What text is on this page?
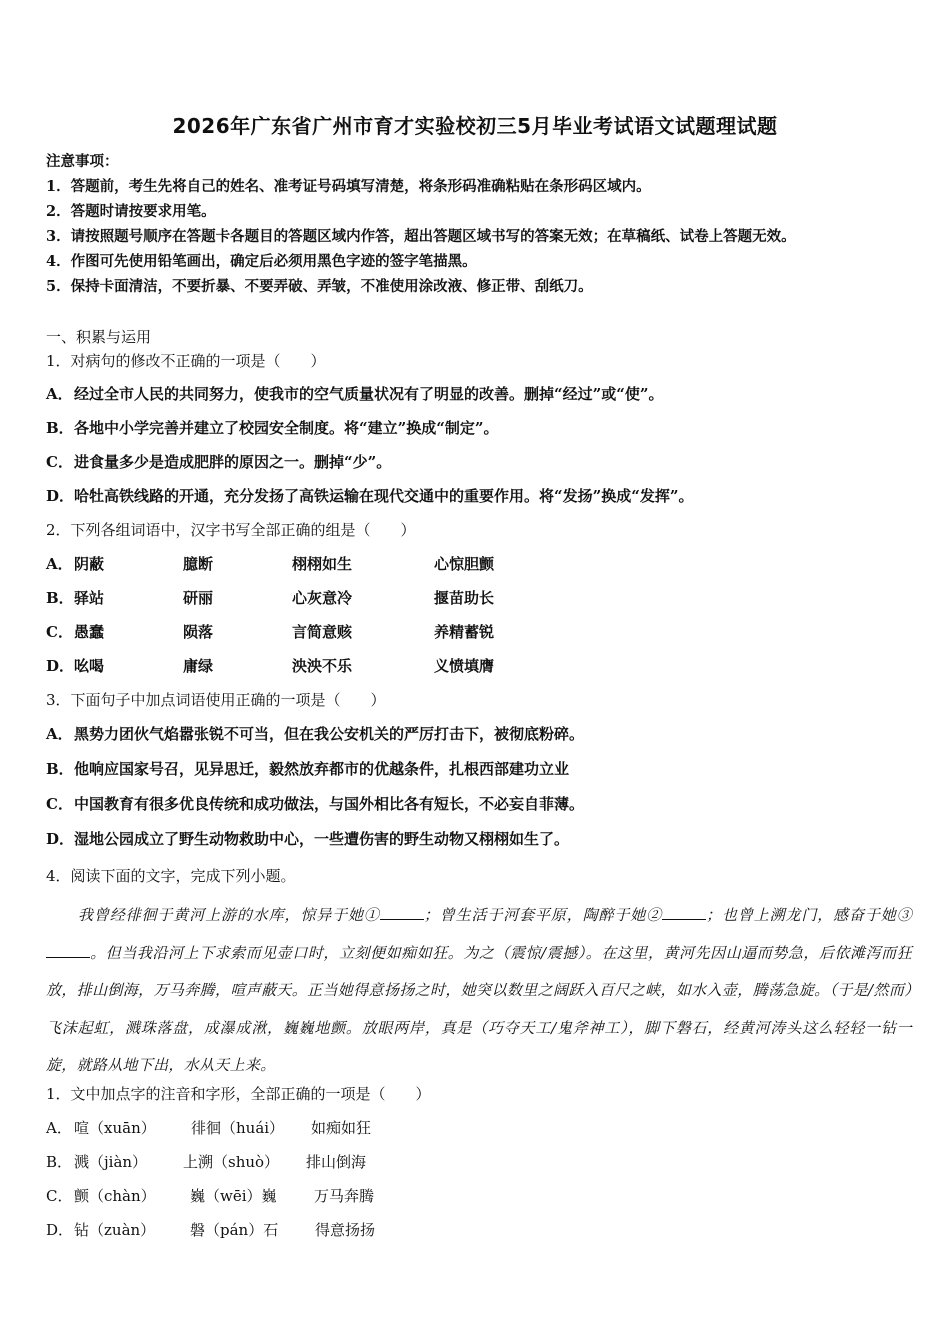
2026年广东省广州市育才实验校初三5月毕业考试语文试题理试题
注意事项：
1．答题前，考生先将自己的姓名、准考证号码填写清楚，将条形码准确粘贴在条形码区域内。
2．答题时请按要求用笔。
3．请按照题号顺序在答题卡各题目的答题区域内作答，超出答题区域书写的答案无效；在草稿纸、试卷上答题无效。
4．作图可先使用铅笔画出，确定后必须用黑色字迹的签字笔描黑。
5．保持卡面清洁，不要折暴、不要弄破、弄皱，不准使用涂改液、修正带、刮纸刀。
一、积累与运用
1．对病句的修改不正确的一项是（　　）
A．经过全市人民的共同努力，使我市的空气质量状况有了明显的改善。删掉“经过”或“使”。
B．各地中小学完善并建立了校园安全制度。将“建立”换成“制定”。
C．进食量多少是造成肥胖的原因之一。删掉“少”。
D．哈牡高铁线路的开通，充分发扬了高铁运输在现代交通中的重要作用。将“发扬”换成“发挥”。
2．下列各组词语中，汉字书写全部正确的组是（　　）
A． 阴蔽	臆断	栩栩如生	心惊胆颤
B． 驿站	研丽	心灰意冷	揠苗助长
C． 愚蠢	陨落	言简意赅	养精蓄锐
D． 吆喝	庸绿	泱泱不乐	义愤填膺
3．下面句子中加点词语使用正确的一项是（　　）
A．黑势力团伙气焰嚣张锐不可当，但在我公安机关的严厉打击下，被彻底粉碎。
B．他响应国家号召，见异思迁，毅然放弃都市的优越条件，扎根西部建功立业
C．中国教育有很多优良传统和成功做法，与国外相比各有短长，不必妄自菲薄。
D．湿地公园成立了野生动物救助中心，一些遭伤害的野生动物又栩栩如生了。
4．阅读下面的文字，完成下列小题。

我曾经徘徊于黄河上游的水库，惊异于她①	；曾生活于河套平原，陶醉于她②	；也曾上溯龙门，感奋于她③。但当我沿河上下求索而见壶口时，立刻便如痴如狂。为之（震惊/震撼）。在这里，黄河先因山逼而势急，后依滩泻而狂放，排山倒海，万马奔腾，喧声蔽天。正当她得意扬扬之时，她突以数里之阔跃入百尺之峡，如水入壶，腾荡急旋。（于是/然而）飞沫起虹，溅珠落盘，成瀑成湫，巍巍地颤。放眼两岸，真是（巧夺天工/鬼斧神工），脚下磐石，经黄河涛头这么轻轻一钻一旋，就路从地下出，水从天上来。

1．文中加点字的注音和字形，全部正确的一项是（　　）
A． 喧（xuān） 徘徊（huái） 如痴如狂
B． 溅（jiàn） 上溯（shuò） 排山倒海
C． 颤（chàn） 巍（wēi）巍 万马奔腾
D． 钻（zuàn） 磐（pán）石 得意扬扬
